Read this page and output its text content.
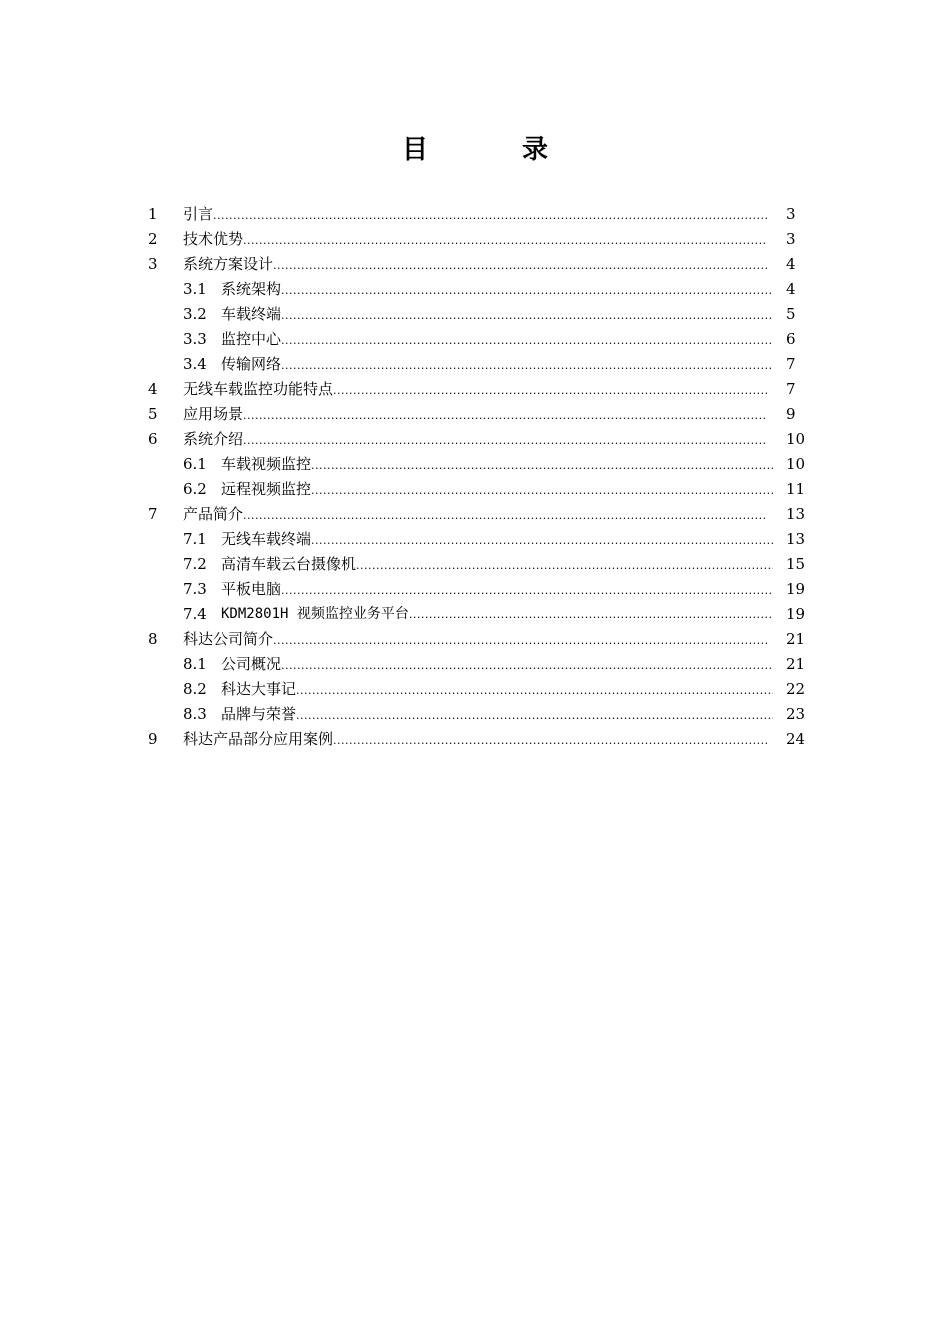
目　录
1 引言 .....	3
2 技术优势 .....	3
3 系统方案设计 .....	4
3.1 系统架构 .....	4
3.2 车载终端 .....	5
3.3 监控中心 .....	6
3.4 传输网络 .....	7
4 无线车载监控功能特点 .....	7
5 应用场景 .....	9
6 系统介绍 .....	10
6.1 车载视频监控 .....	10
6.2 远程视频监控 .....	11
7 产品简介 .....	13
7.1 无线车载终端 .....	13
7.2 高清车载云台摄像机 .....	15
7.3 平板电脑 .....	19
7.4 KDM2801H 视频监控业务平台 .....	19
8 科达公司简介 .....	21
8.1 公司概况 .....	21
8.2 科达大事记 .....	22
8.3 品牌与荣誉 .....	23
9 科达产品部分应用案例 .....	24
